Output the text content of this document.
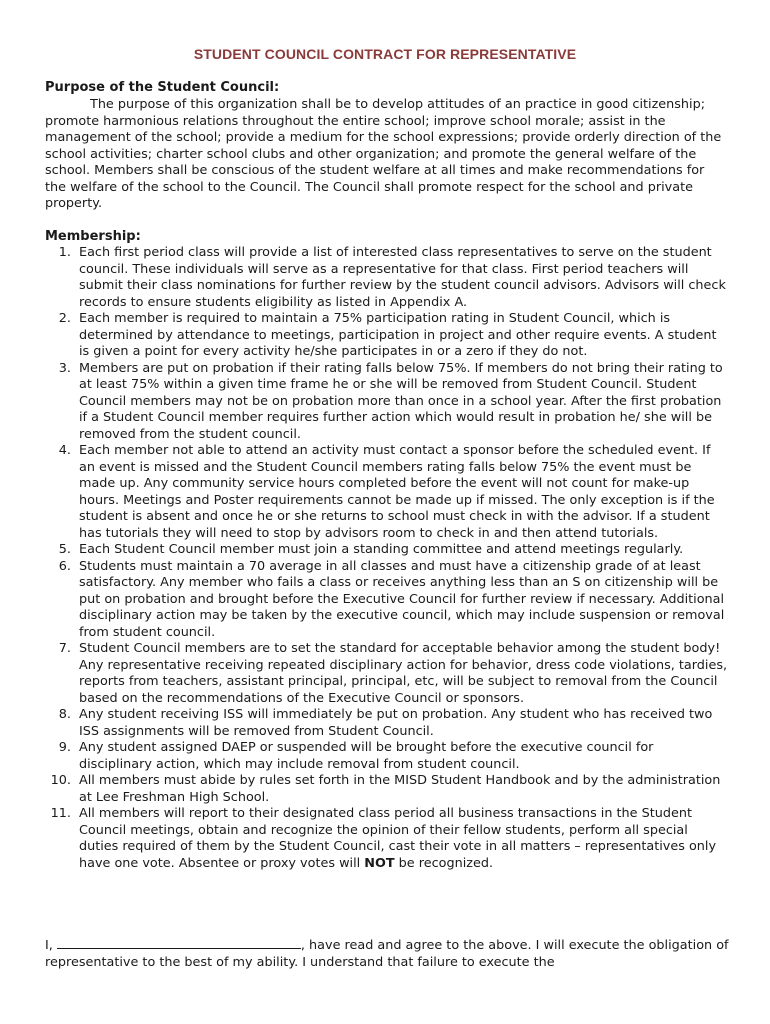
STUDENT COUNCIL CONTRACT FOR REPRESENTATIVE
Purpose of the Student Council:

The purpose of this organization shall be to develop attitudes of an practice in good citizenship; promote harmonious relations throughout the entire school; improve school morale; assist in the management of the school; provide a medium for the school expressions; provide orderly direction of the school activities; charter school clubs and other organization; and promote the general welfare of the school. Members shall be conscious of the student welfare at all times and make recommendations for the welfare of the school to the Council. The Council shall promote respect for the school and private property.

Membership:
1. Each first period class will provide a list of interested class representatives to serve on the student council. These individuals will serve as a representative for that class. First period teachers will submit their class nominations for further review by the student council advisors. Advisors will check records to ensure students eligibility as listed in Appendix A.
2. Each member is required to maintain a 75% participation rating in Student Council, which is determined by attendance to meetings, participation in project and other require events. A student is given a point for every activity he/she participates in or a zero if they do not.
3. Members are put on probation if their rating falls below 75%. If members do not bring their rating to at least 75% within a given time frame he or she will be removed from Student Council. Student Council members may not be on probation more than once in a school year. After the first probation if a Student Council member requires further action which would result in probation he/ she will be removed from the student council.
4. Each member not able to attend an activity must contact a sponsor before the scheduled event. If an event is missed and the Student Council members rating falls below 75% the event must be made up. Any community service hours completed before the event will not count for make-up hours. Meetings and Poster requirements cannot be made up if missed. The only exception is if the student is absent and once he or she returns to school must check in with the advisor. If a student has tutorials they will need to stop by advisors room to check in and then attend tutorials.
5. Each Student Council member must join a standing committee and attend meetings regularly.
6. Students must maintain a 70 average in all classes and must have a citizenship grade of at least satisfactory. Any member who fails a class or receives anything less than an S on citizenship will be put on probation and brought before the Executive Council for further review if necessary. Additional disciplinary action may be taken by the executive council, which may include suspension or removal from student council.
7. Student Council members are to set the standard for acceptable behavior among the student body! Any representative receiving repeated disciplinary action for behavior, dress code violations, tardies, reports from teachers, assistant principal, principal, etc, will be subject to removal from the Council based on the recommendations of the Executive Council or sponsors.
8. Any student receiving ISS will immediately be put on probation. Any student who has received two ISS assignments will be removed from Student Council.
9. Any student assigned DAEP or suspended will be brought before the executive council for disciplinary action, which may include removal from student council.
10. All members must abide by rules set forth in the MISD Student Handbook and by the administration at Lee Freshman High School.
11. All members will report to their designated class period all business transactions in the Student Council meetings, obtain and recognize the opinion of their fellow students, perform all special duties required of them by the Student Council, cast their vote in all matters – representatives only have one vote. Absentee or proxy votes will NOT be recognized.

I,	, have read and agree to the above. I will execute the obligation of representative to the best of my ability. I understand that failure to execute the
